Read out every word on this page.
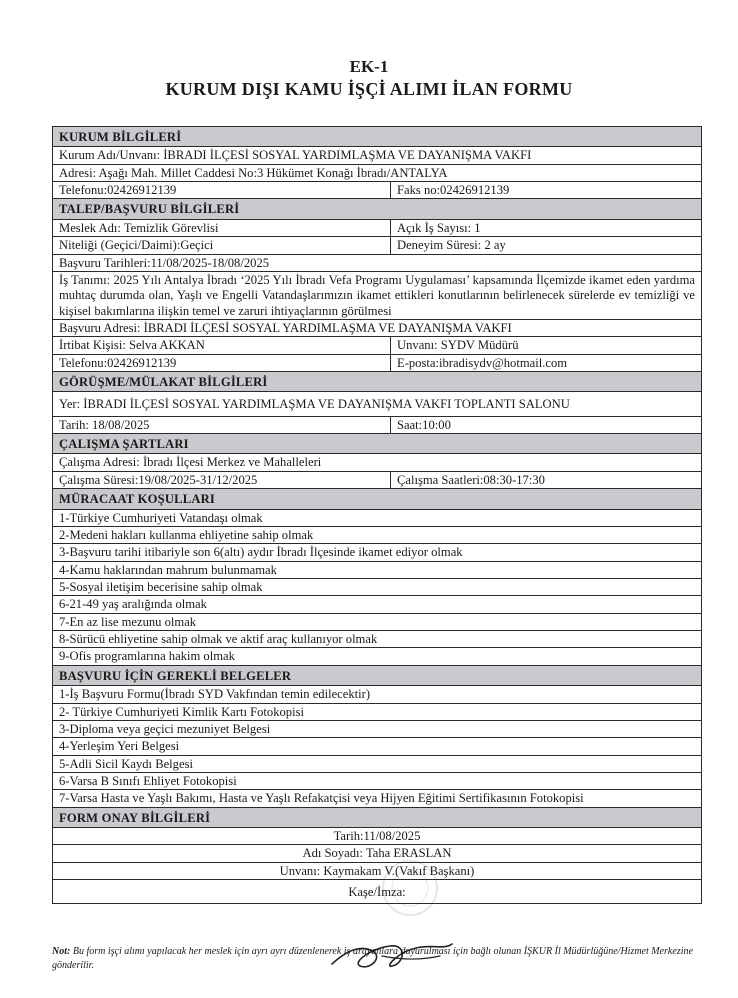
EK-1
KURUM DIŞI KAMU İŞÇİ ALIMI İLAN FORMU
KURUM BİLGİLERİ
Kurum Adı/Unvanı: İBRADI İLÇESİ SOSYAL YARDIMLAŞMA VE DAYANIŞMA VAKFI
Adresi: Aşağı Mah. Millet Caddesi No:3 Hükümet Konağı İbradı/ANTALYA
Telefonu:02426912139	Faks no:02426912139
TALEP/BAŞVURU BİLGİLERİ
Meslek Adı: Temizlik Görevlisi	Açık İş Sayısı: 1
Niteliği (Geçici/Daimi):Geçici	Deneyim Süresi: 2 ay
Başvuru Tarihleri:11/08/2025-18/08/2025
İş Tanımı: 2025 Yılı Antalya İbradı ‘2025 Yılı İbradı Vefa Programı Uygulaması’ kapsamında İlçemizde ikamet eden yardıma muhtaç durumda olan, Yaşlı ve Engelli Vatandaşlarımızın ikamet ettikleri konutlarının belirlenecek sürelerde ev temizliği ve kişisel bakımlarına ilişkin temel ve zaruri ihtiyaçlarının görülmesi
Başvuru Adresi: İBRADI İLÇESİ SOSYAL YARDIMLAŞMA VE DAYANIŞMA VAKFI
İrtibat Kişisi: Selva AKKAN	Unvanı: SYDV Müdürü
Telefonu:02426912139	E-posta:ibradisydv@hotmail.com
GÖRÜŞME/MÜLAKAT BİLGİLERİ
Yer: İBRADI İLÇESİ SOSYAL YARDIMLAŞMA VE DAYANIŞMA VAKFI TOPLANTI SALONU
Tarih: 18/08/2025	Saat:10:00
ÇALIŞMA ŞARTLARI
Çalışma Adresi: İbradı İlçesi Merkez ve Mahalleleri
Çalışma Süresi:19/08/2025-31/12/2025	Çalışma Saatleri:08:30-17:30
MÜRACAAT KOŞULLARI
1-Türkiye Cumhuriyeti Vatandaşı olmak
2-Medeni hakları kullanma ehliyetine sahip olmak
3-Başvuru tarihi itibariyle son 6(altı) aydır İbradı İlçesinde ikamet ediyor olmak
4-Kamu haklarından mahrum bulunmamak
5-Sosyal iletişim becerisine sahip olmak
6-21-49 yaş aralığında olmak
7-En az lise mezunu olmak
8-Sürücü ehliyetine sahip olmak ve aktif araç kullanıyor olmak
9-Ofis programlarına hakim olmak
BAŞVURU İÇİN GEREKLİ BELGELER
1-İş Başvuru Formu(İbradı SYD Vakfından temin edilecektir)
2- Türkiye Cumhuriyeti Kimlik Kartı Fotokopisi
3-Diploma veya geçici mezuniyet Belgesi
4-Yerleşim Yeri Belgesi
5-Adli Sicil Kaydı Belgesi
6-Varsa B Sınıfı Ehliyet Fotokopisi
7-Varsa Hasta ve Yaşlı Bakımı, Hasta ve Yaşlı Refakatçisi veya Hijyen Eğitimi Sertifikasının Fotokopisi
FORM ONAY BİLGİLERİ
Tarih:11/08/2025
Adı Soyadı: Taha ERASLAN
Unvanı: Kaymakam V.(Vakıf Başkanı)
Kaşe/İmza:
Not: Bu form işçi alımı yapılacak her meslek için ayrı ayrı düzenlenerek iş arayanlara duyurulması için bağlı olunan İŞKUR İl Müdürlüğüne/Hizmet Merkezine gönderilir.
